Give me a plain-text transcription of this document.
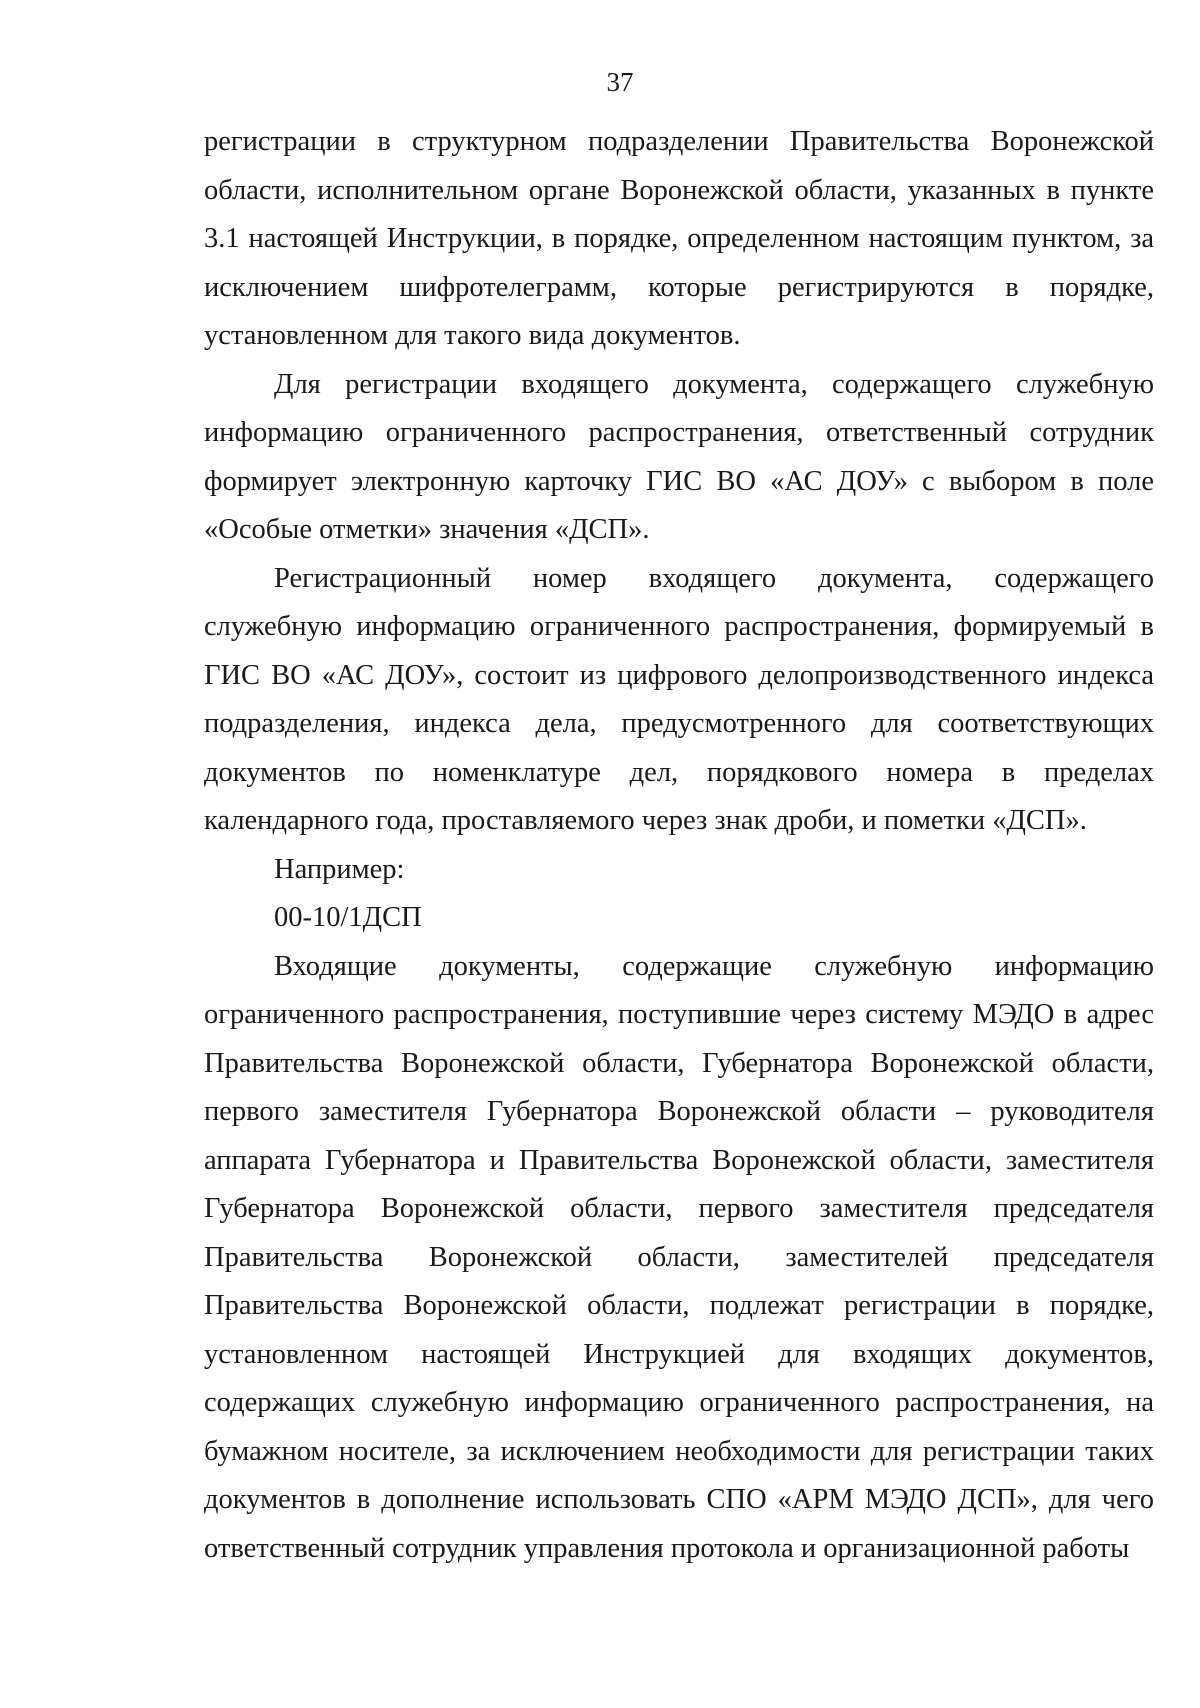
37

регистрации в структурном подразделении Правительства Воронежской области, исполнительном органе Воронежской области, указанных в пункте 3.1 настоящей Инструкции, в порядке, определенном настоящим пунктом, за исключением шифротелеграмм, которые регистрируются в порядке, установленном для такого вида документов.

Для регистрации входящего документа, содержащего служебную информацию ограниченного распространения, ответственный сотрудник формирует электронную карточку ГИС ВО «АС ДОУ» с выбором в поле «Особые отметки» значения «ДСП».

Регистрационный номер входящего документа, содержащего служебную информацию ограниченного распространения, формируемый в ГИС ВО «АС ДОУ», состоит из цифрового делопроизводственного индекса подразделения, индекса дела, предусмотренного для соответствующих документов по номенклатуре дел, порядкового номера в пределах календарного года, проставляемого через знак дроби, и пометки «ДСП».

Например:

00-10/1ДСП

Входящие документы, содержащие служебную информацию ограниченного распространения, поступившие через систему МЭДО в адрес Правительства Воронежской области, Губернатора Воронежской области, первого заместителя Губернатора Воронежской области – руководителя аппарата Губернатора и Правительства Воронежской области, заместителя Губернатора Воронежской области, первого заместителя председателя Правительства Воронежской области, заместителей председателя Правительства Воронежской области, подлежат регистрации в порядке, установленном настоящей Инструкцией для входящих документов, содержащих служебную информацию ограниченного распространения, на бумажном носителе, за исключением необходимости для регистрации таких документов в дополнение использовать СПО «АРМ МЭДО ДСП», для чего ответственный сотрудник управления протокола и организационной работы
